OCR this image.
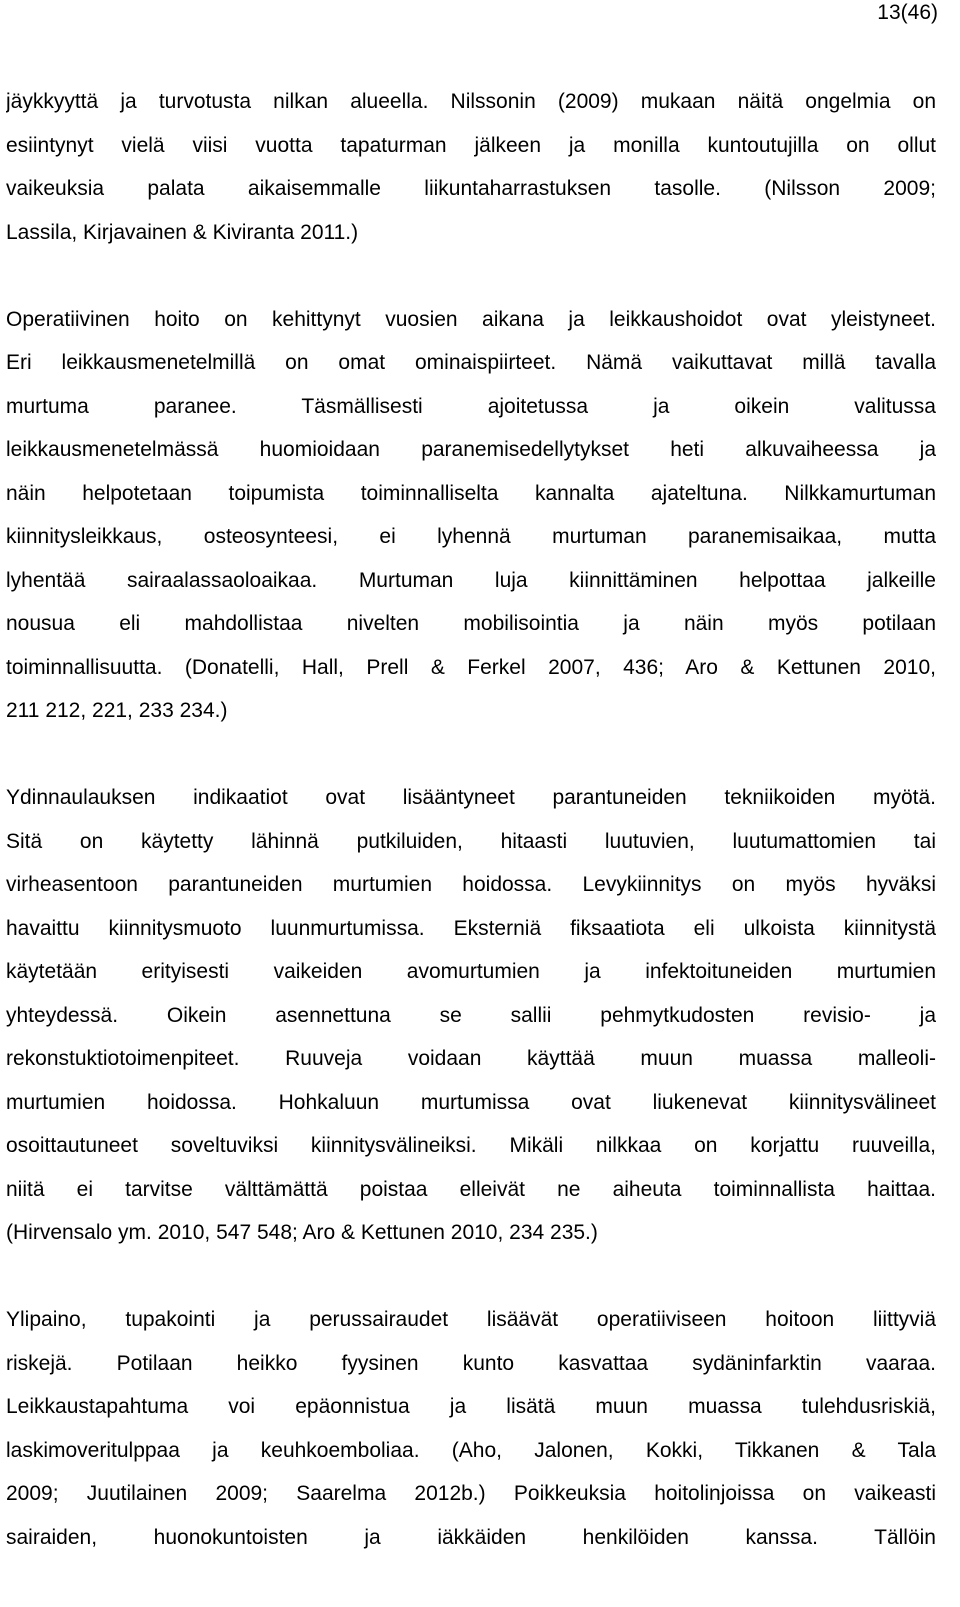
13(46)
jäykkyyttä ja turvotusta nilkan alueella. Nilssonin (2009) mukaan näitä ongelmia on
esiintynyt vielä viisi vuotta tapaturman jälkeen ja monilla kuntoutujilla on ollut
vaikeuksia palata aikaisemmalle liikuntaharrastuksen tasolle. (Nilsson 2009;
Lassila, Kirjavainen & Kiviranta 2011.)
Operatiivinen hoito on kehittynyt vuosien aikana ja leikkaushoidot ovat yleistyneet.
Eri leikkausmenetelmillä on omat ominaispiirteet. Nämä vaikuttavat millä tavalla
murtuma paranee. Täsmällisesti ajoitetussa ja oikein valitussa
leikkausmenetelmässä huomioidaan paranemisedellytykset heti alkuvaiheessa ja
näin helpotetaan toipumista toiminnalliselta kannalta ajateltuna. Nilkkamurtuman
kiinnitysleikkaus, osteosynteesi, ei lyhennä murtuman paranemisaikaa, mutta
lyhentää sairaalassaoloaikaa. Murtuman luja kiinnittäminen helpottaa jalkeille
nousua eli mahdollistaa nivelten mobilisointia ja näin myös potilaan
toiminnallisuutta. (Donatelli, Hall, Prell & Ferkel 2007, 436; Aro & Kettunen 2010,
211 212, 221, 233 234.)
Ydinnaulauksen indikaatiot ovat lisääntyneet parantuneiden tekniikoiden myötä.
Sitä on käytetty lähinnä putkiluiden, hitaasti luutuvien, luutumattomien tai
virheasentoon parantuneiden murtumien hoidossa. Levykiinnitys on myös hyväksi
havaittu kiinnitysmuoto luunmurtumissa. Eksterniä fiksaatiota eli ulkoista kiinnitystä
käytetään erityisesti vaikeiden avomurtumien ja infektoituneiden murtumien
yhteydessä. Oikein asennettuna se sallii pehmytkudosten revisio- ja
rekonstuktiotoimenpiteet. Ruuveja voidaan käyttää muun muassa malleoli-
murtumien hoidossa. Hohkaluun murtumissa ovat liukenevat kiinnitysvälineet
osoittautuneet soveltuviksi kiinnitysvälineiksi. Mikäli nilkkaa on korjattu ruuveilla,
niitä ei tarvitse välttämättä poistaa elleivät ne aiheuta toiminnallista haittaa.
(Hirvensalo ym. 2010, 547 548; Aro & Kettunen 2010, 234 235.)
Ylipaino, tupakointi ja perussairaudet lisäävät operatiiviseen hoitoon liittyviä
riskejä. Potilaan heikko fyysinen kunto kasvattaa sydäninfarktin vaaraa.
Leikkaustapahtuma voi epäonnistua ja lisätä muun muassa tulehdusriskiä,
laskimoveritulppaa ja keuhkoemboliaa. (Aho, Jalonen, Kokki, Tikkanen & Tala
2009; Juutilainen 2009; Saarelma 2012b.) Poikkeuksia hoitolinjoissa on vaikeasti
sairaiden, huonokuntoisten ja iäkkäiden henkilöiden kanssa. Tällöin
